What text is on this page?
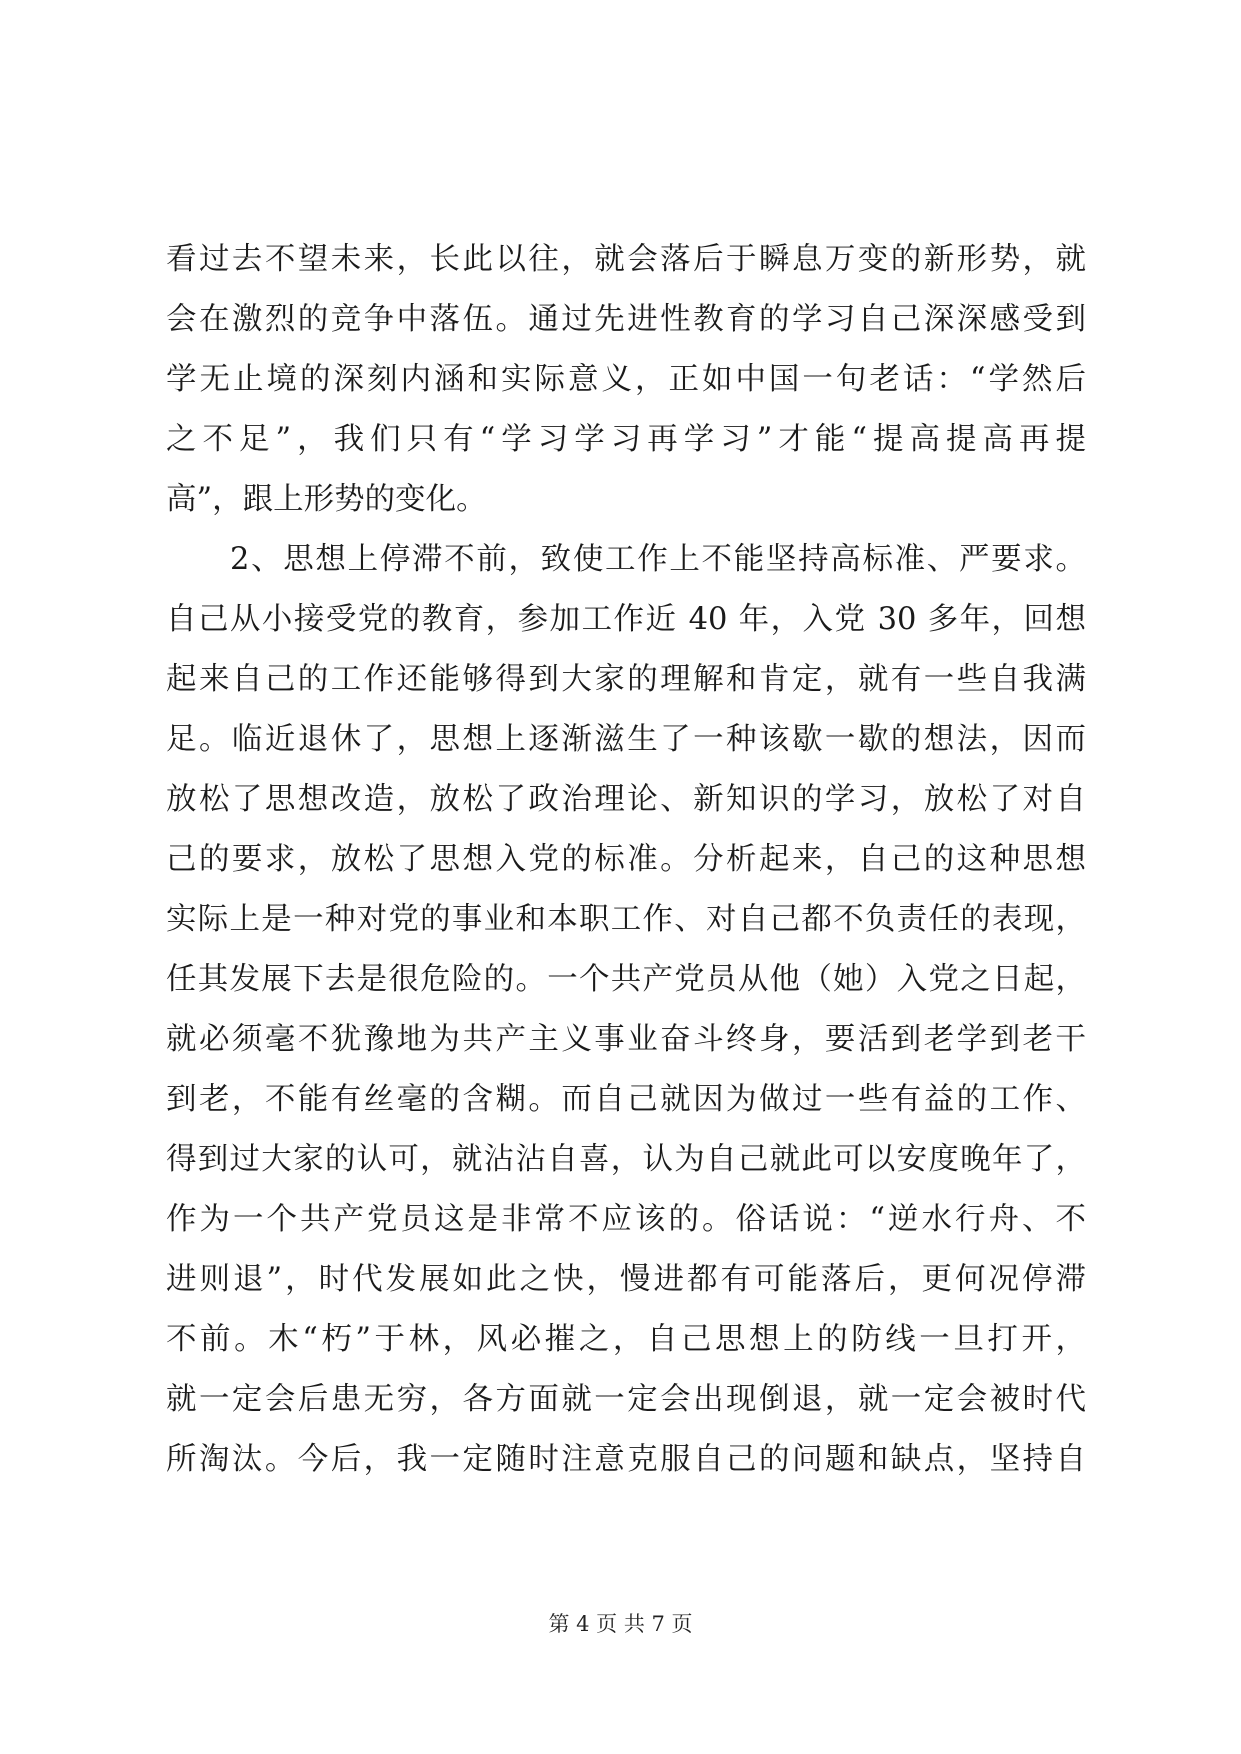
看过去不望未来，长此以往，就会落后于瞬息万变的新形势，就
会在激烈的竞争中落伍。通过先进性教育的学习自己深深感受到
学无止境的深刻内涵和实际意义，正如中国一句老话：“学然后
之不足”，我们只有“学习学习再学习”才能“提高提高再提
高”，跟上形势的变化。
2、思想上停滞不前，致使工作上不能坚持高标准、严要求。
自己从小接受党的教育，参加工作近 40 年，入党 30 多年，回想
起来自己的工作还能够得到大家的理解和肯定，就有一些自我满
足。临近退休了，思想上逐渐滋生了一种该歇一歇的想法，因而
放松了思想改造，放松了政治理论、新知识的学习，放松了对自
己的要求，放松了思想入党的标准。分析起来，自己的这种思想
实际上是一种对党的事业和本职工作、对自己都不负责任的表现，
任其发展下去是很危险的。一个共产党员从他（她）入党之日起，
就必须毫不犹豫地为共产主义事业奋斗终身，要活到老学到老干
到老，不能有丝毫的含糊。而自己就因为做过一些有益的工作、
得到过大家的认可，就沾沾自喜，认为自己就此可以安度晚年了，
作为一个共产党员这是非常不应该的。俗话说：“逆水行舟、不
进则退”，时代发展如此之快，慢进都有可能落后，更何况停滞
不前。木“朽”于林，风必摧之，自己思想上的防线一旦打开，
就一定会后患无穷，各方面就一定会出现倒退，就一定会被时代
所淘汰。今后，我一定随时注意克服自己的问题和缺点，坚持自
第 4 页 共 7 页
